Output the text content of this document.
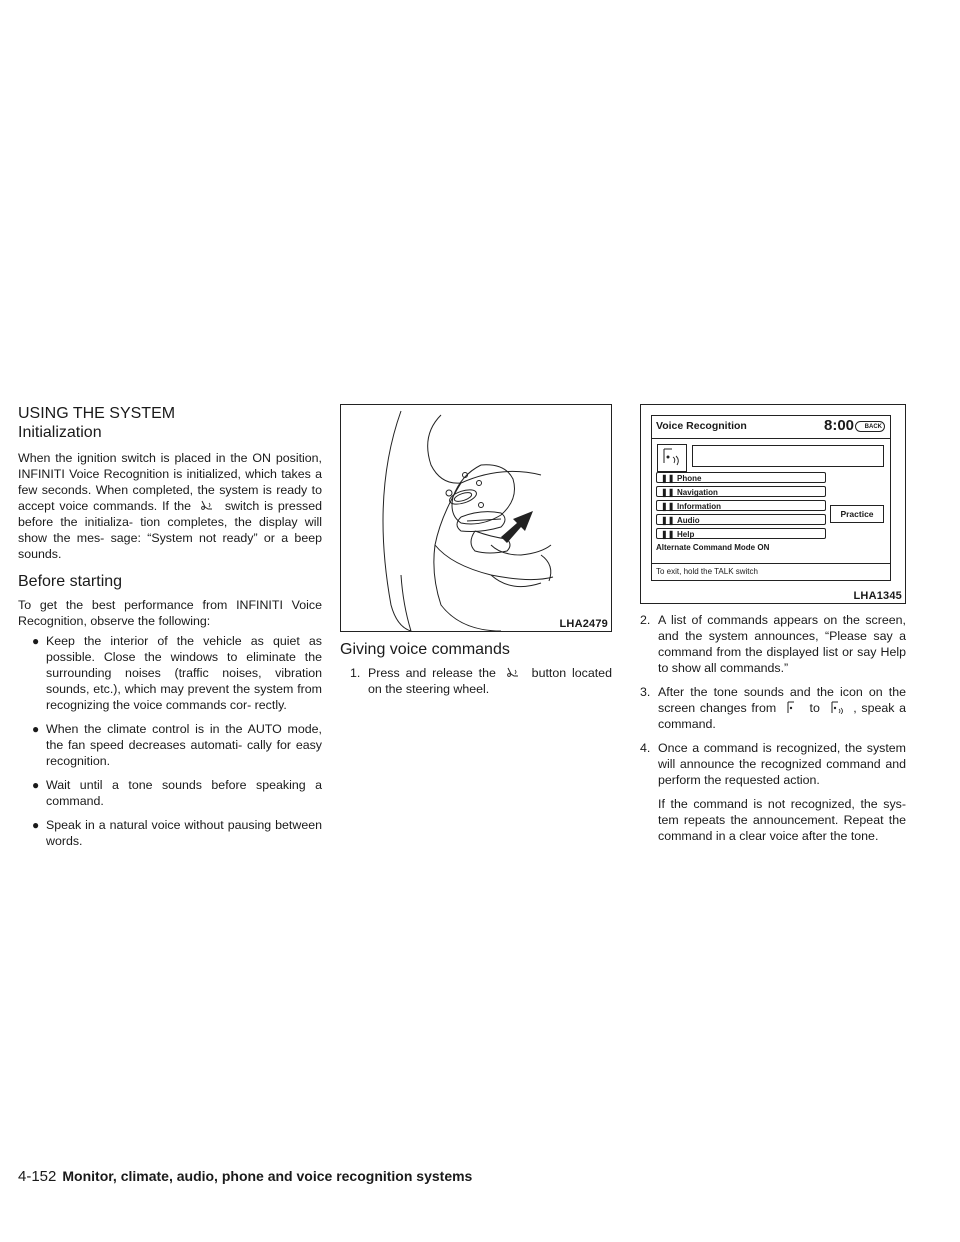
USING THE SYSTEM
Initialization

When the ignition switch is placed in the ON position, INFINITI Voice Recognition is initialized, which takes a few seconds. When completed, the system is ready to accept voice commands. If the	switch is pressed before the initializa- tion completes, the display will show the mes- sage: “System not ready” or a beep sounds.

Before starting

To get the best performance from INFINITI Voice Recognition, observe the following:

● Keep the interior of the vehicle as quiet as possible. Close the windows to eliminate the surrounding noises (traffic noises, vibration sounds, etc.), which may prevent the system from recognizing the voice commands cor- rectly.
● When the climate control is in the AUTO mode, the fan speed decreases automati- cally for easy recognition.
● Wait until a tone sounds before speaking a command.
● Speak in a natural voice without pausing between words.
LHA2479
Giving voice commands
1. Press and release the	button located on the steering wheel.
Voice Recognition	8:00	BACK
❚❚ Phone
❚❚ Navigation
❚❚ Information
❚❚ Audio
❚❚ Help
Practice
Alternate Command Mode ON
To exit, hold the TALK switch
LHA1345
2. A list of commands appears on the screen, and the system announces, “Please say a command from the displayed list or say Help to show all commands.”
3. After the tone sounds and the icon on the screen changes from	to	, speak a command.
4. Once a command is recognized, the system will announce the recognized command and perform the requested action.

If the command is not recognized, the sys- tem repeats the announcement. Repeat the command in a clear voice after the tone.

4-152 Monitor, climate, audio, phone and voice recognition systems
